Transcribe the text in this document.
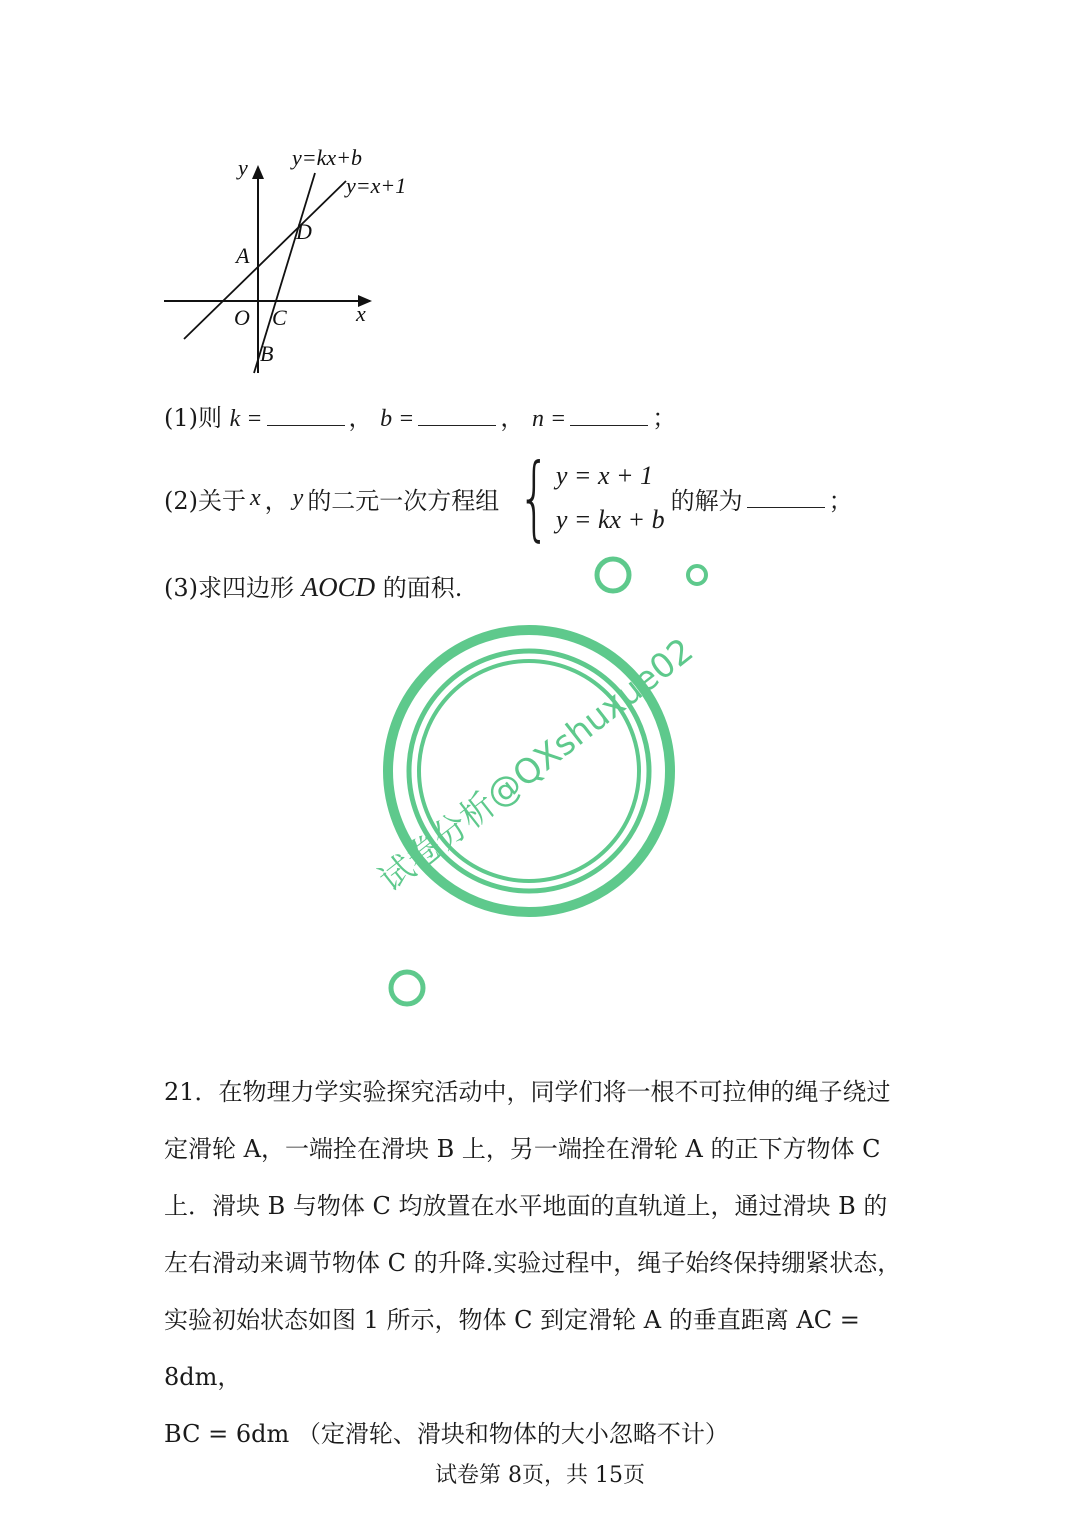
y=kx+b
y=x+1
y
x
A
D
O C
B
(1)则 k =	， b =	， n =	；
(2)关于 x ， y 的二元一次方程组 { y = x + 1
y = kx + b
的解为	；
(3)求四边形 AOCD 的面积.
试卷分析@QXshuxue02
21．在物理力学实验探究活动中，同学们将一根不可拉伸的绳子绕过
定滑轮 A，一端拴在滑块 B 上，另一端拴在滑轮 A 的正下方物体 C
上．滑块 B 与物体 C 均放置在水平地面的直轨道上，通过滑块 B 的
左右滑动来调节物体 C 的升降.实验过程中，绳子始终保持绷紧状态，
实验初始状态如图 1 所示，物体 C 到定滑轮 A 的垂直距离 AC = 8dm，
BC = 6dm （定滑轮、滑块和物体的大小忽略不计）
试卷第 8页，共 15页
